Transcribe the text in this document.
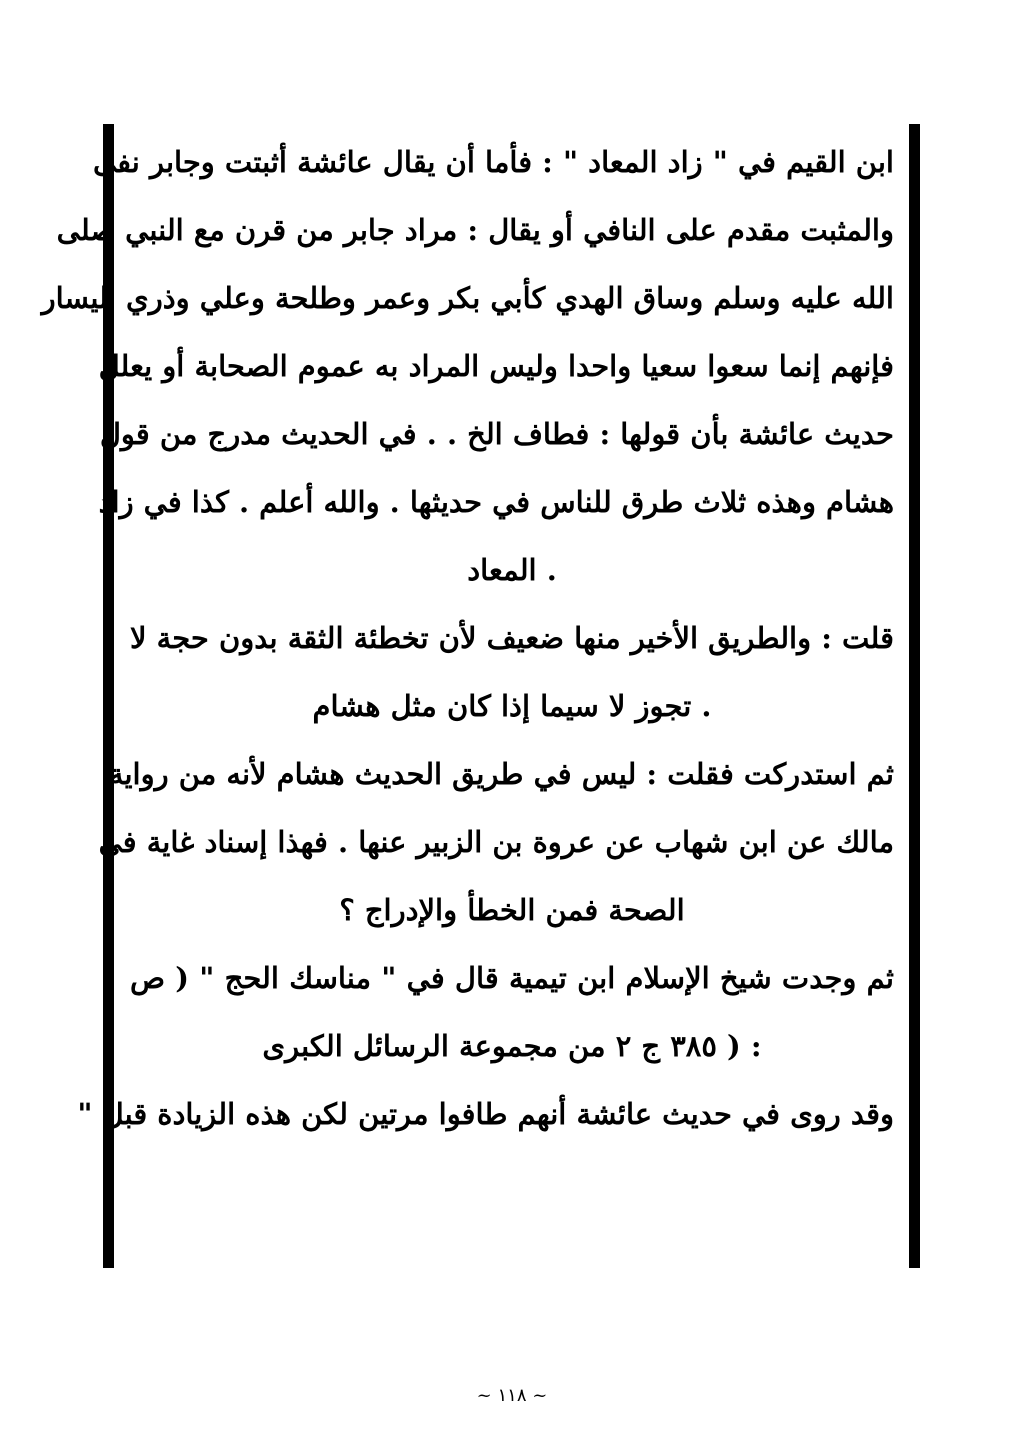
ابن القيم في " زاد المعاد " : فأما أن يقال عائشة أثبتت وجابر نفى
والمثبت مقدم على النافي أو يقال : مراد جابر من قرن مع النبي صلى
الله عليه وسلم وساق الهدي كأبي بكر وعمر وطلحة وعلي وذري اليسار
فإنهم إنما سعوا سعيا واحدا وليس المراد به عموم الصحابة أو يعلل
حديث عائشة بأن قولها : فطاف الخ . . في الحديث مدرج من قول
هشام وهذه ثلاث طرق للناس في حديثها . والله أعلم . كذا في زاد
. المعاد
قلت : والطريق الأخير منها ضعيف لأن تخطئة الثقة بدون حجة لا
. تجوز لا سيما إذا كان مثل هشام
ثم استدركت فقلت : ليس في طريق الحديث هشام لأنه من رواية
مالك عن ابن شهاب عن عروة بن الزبير عنها . فهذا إسناد غاية في
الصحة فمن الخطأ والإدراج ؟
ثم وجدت شيخ الإسلام ابن تيمية قال في " مناسك الحج " ( ص
: ( ٣٨٥ ج ٢ من مجموعة الرسائل الكبرى
وقد روى في حديث عائشة أنهم طافوا مرتين لكن هذه الزيادة قبل "
~ ١١٨ ~
